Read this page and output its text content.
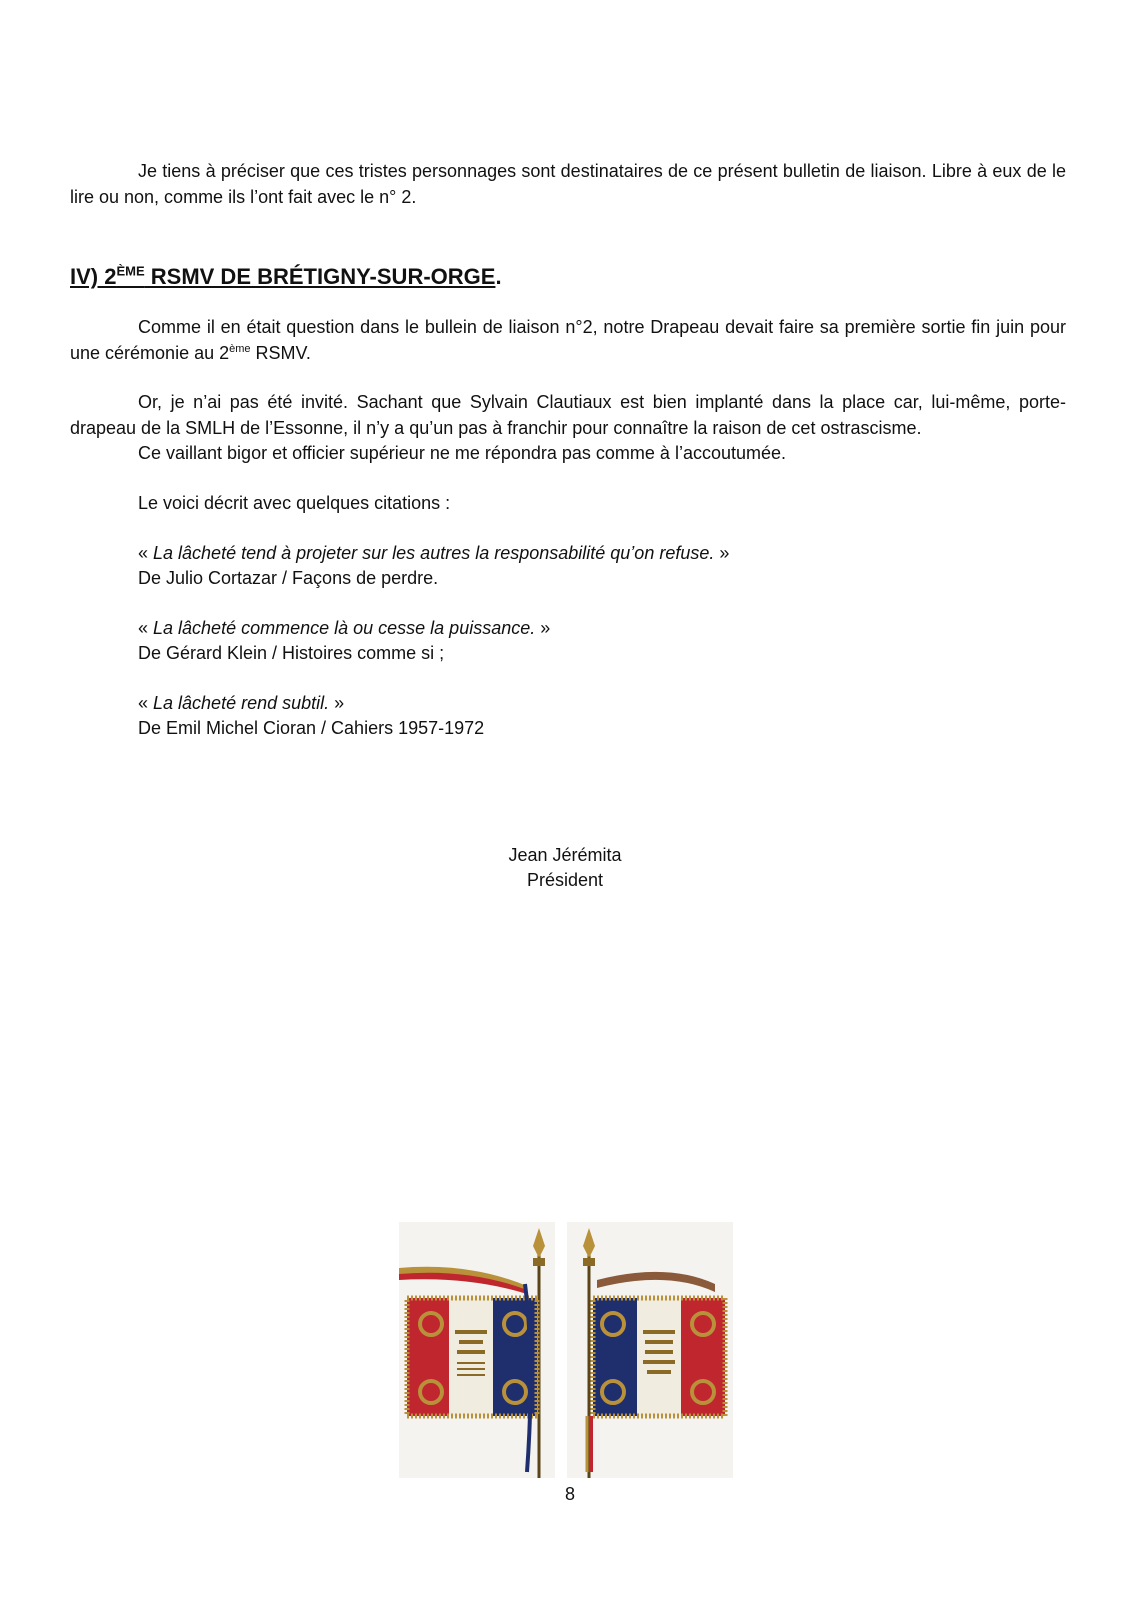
Je tiens à préciser que ces tristes personnages sont destinataires de ce présent bulletin de liaison. Libre à eux de le lire ou non, comme ils l’ont fait avec le n° 2.

IV) 2ÈME RSMV DE BRÉTIGNY-SUR-ORGE.

Comme il en était question dans le bullein de liaison n°2, notre Drapeau devait faire sa première sortie fin juin pour une cérémonie au 2ème RSMV.

Or, je n’ai pas été invité. Sachant que Sylvain Clautiaux est bien implanté dans la place car, lui-même, porte-drapeau de la SMLH de l’Essonne, il n’y a qu’un pas à franchir pour connaître la raison de cet ostrascisme.

Ce vaillant bigor et officier supérieur ne me répondra pas comme à l’accoutumée.

Le voici décrit avec quelques citations :

« La lâcheté tend à projeter sur les autres la responsabilité qu’on refuse. »

De Julio Cortazar / Façons de perdre.

« La lâcheté commence là ou cesse la puissance. »

De Gérard Klein / Histoires comme si ;

« La lâcheté rend subtil. »

De Emil Michel Cioran / Cahiers 1957-1972

Jean Jérémita
Président
8
